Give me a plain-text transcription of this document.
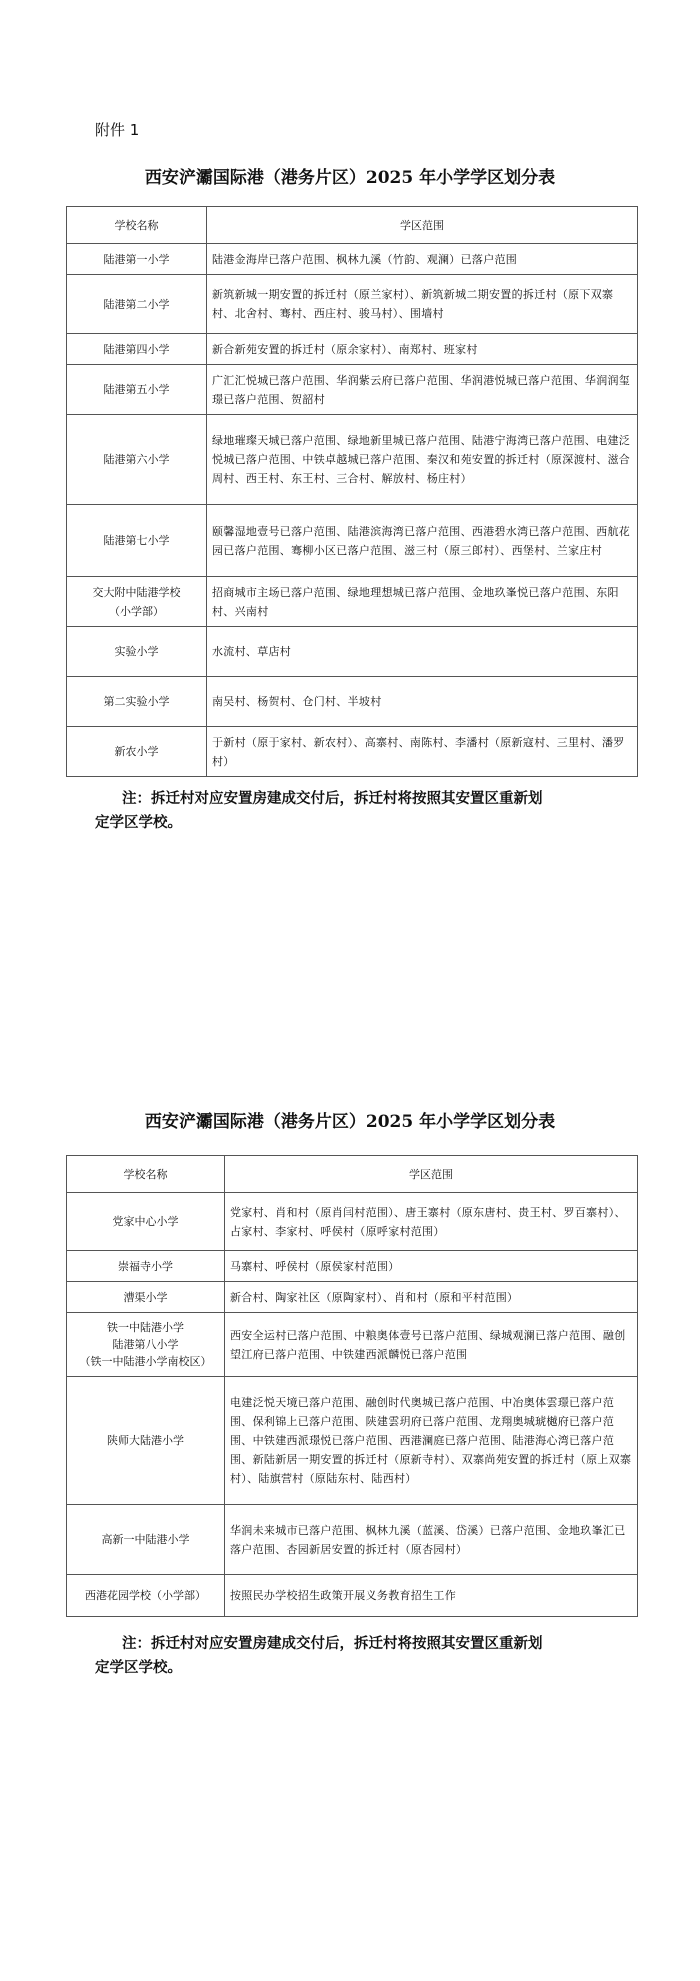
附件 1
西安浐灞国际港（港务片区）2025 年小学学区划分表
学校名称	学区范围
陆港第一小学	陆港金海岸已落户范围、枫林九溪（竹韵、观澜）已落户范围
陆港第二小学	新筑新城一期安置的拆迁村（原兰家村）、新筑新城二期安置的拆迁村（原下双寨村、北舍村、骞村、西庄村、骏马村）、围墙村
陆港第四小学	新合新苑安置的拆迁村（原余家村）、南郑村、班家村
陆港第五小学	广汇汇悦城已落户范围、华润紫云府已落户范围、华润港悦城已落户范围、华润润玺璟已落户范围、贺韶村
陆港第六小学	绿地璀璨天城已落户范围、绿地新里城已落户范围、陆港宁海湾已落户范围、电建泛悦城已落户范围、中铁卓越城已落户范围、秦汉和苑安置的拆迁村（原深渡村、滋合周村、西王村、东王村、三合村、解放村、杨庄村）
陆港第七小学	颐馨湿地壹号已落户范围、陆港滨海湾已落户范围、西港碧水湾已落户范围、西航花园已落户范围、骞柳小区已落户范围、滋三村（原三郎村）、西堡村、兰家庄村
交大附中陆港学校
（小学部）	招商城市主场已落户范围、绿地理想城已落户范围、金地玖峯悦已落户范围、东阳村、兴南村
实验小学	水流村、草店村
第二实验小学	南吴村、杨贺村、仓门村、半坡村
新农小学	于新村（原于家村、新农村）、高寨村、南陈村、李潘村（原新寇村、三里村、潘罗村）
注：拆迁村对应安置房建成交付后，拆迁村将按照其安置区重新划
定学区学校。
西安浐灞国际港（港务片区）2025 年小学学区划分表
学校名称	学区范围
党家中心小学	党家村、肖和村（原肖闫村范围）、唐王寨村（原东唐村、贵王村、罗百寨村）、占家村、李家村、呼侯村（原呼家村范围）
崇福寺小学	马寨村、呼侯村（原侯家村范围）
漕渠小学	新合村、陶家社区（原陶家村）、肖和村（原和平村范围）
铁一中陆港小学
陆港第八小学
（铁一中陆港小学南校区）	西安全运村已落户范围、中粮奥体壹号已落户范围、绿城观澜已落户范围、融创望江府已落户范围、中铁建西派麟悦已落户范围
陕师大陆港小学	电建泛悦天境已落户范围、融创时代奥城已落户范围、中冶奥体雲璟已落户范围、保利锦上已落户范围、陕建雲玥府已落户范围、龙翔奥城琥樾府已落户范围、中铁建西派璟悦已落户范围、西港澜庭已落户范围、陆港海心湾已落户范围、新陆新居一期安置的拆迁村（原新寺村）、双寨尚苑安置的拆迁村（原上双寨村）、陆旗营村（原陆东村、陆西村）
高新一中陆港小学	华润未来城市已落户范围、枫林九溪（蓝溪、岱溪）已落户范围、金地玖峯汇已落户范围、杏园新居安置的拆迁村（原杏园村）
西港花园学校（小学部）	按照民办学校招生政策开展义务教育招生工作
注：拆迁村对应安置房建成交付后，拆迁村将按照其安置区重新划
定学区学校。
